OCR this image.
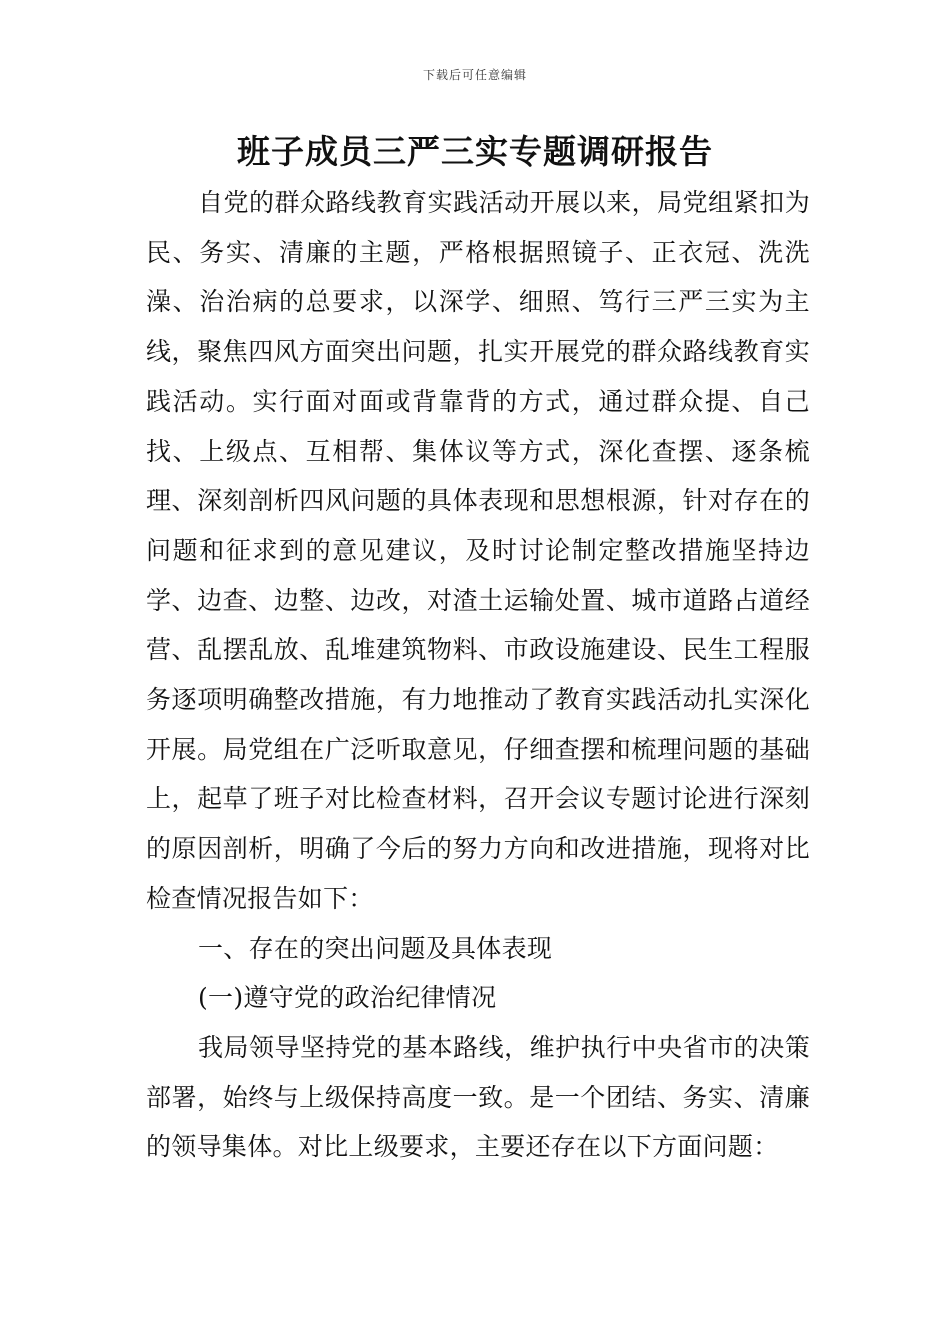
下载后可任意编辑
班子成员三严三实专题调研报告

自党的群众路线教育实践活动开展以来，局党组紧扣为民、务实、清廉的主题，严格根据照镜子、正衣冠、洗洗澡、治治病的总要求，以深学、细照、笃行三严三实为主线，聚焦四风方面突出问题，扎实开展党的群众路线教育实践活动。实行面对面或背靠背的方式，通过群众提、自己找、上级点、互相帮、集体议等方式，深化查摆、逐条梳理、深刻剖析四风问题的具体表现和思想根源，针对存在的问题和征求到的意见建议，及时讨论制定整改措施坚持边学、边查、边整、边改，对渣土运输处置、城市道路占道经营、乱摆乱放、乱堆建筑物料、市政设施建设、民生工程服务逐项明确整改措施，有力地推动了教育实践活动扎实深化开展。局党组在广泛听取意见，仔细查摆和梳理问题的基础上，起草了班子对比检查材料，召开会议专题讨论进行深刻的原因剖析，明确了今后的努力方向和改进措施，现将对比检查情况报告如下：

一、存在的突出问题及具体表现

(一)遵守党的政治纪律情况

我局领导坚持党的基本路线，维护执行中央省市的决策部署，始终与上级保持高度一致。是一个团结、务实、清廉的领导集体。对比上级要求，主要还存在以下方面问题：
